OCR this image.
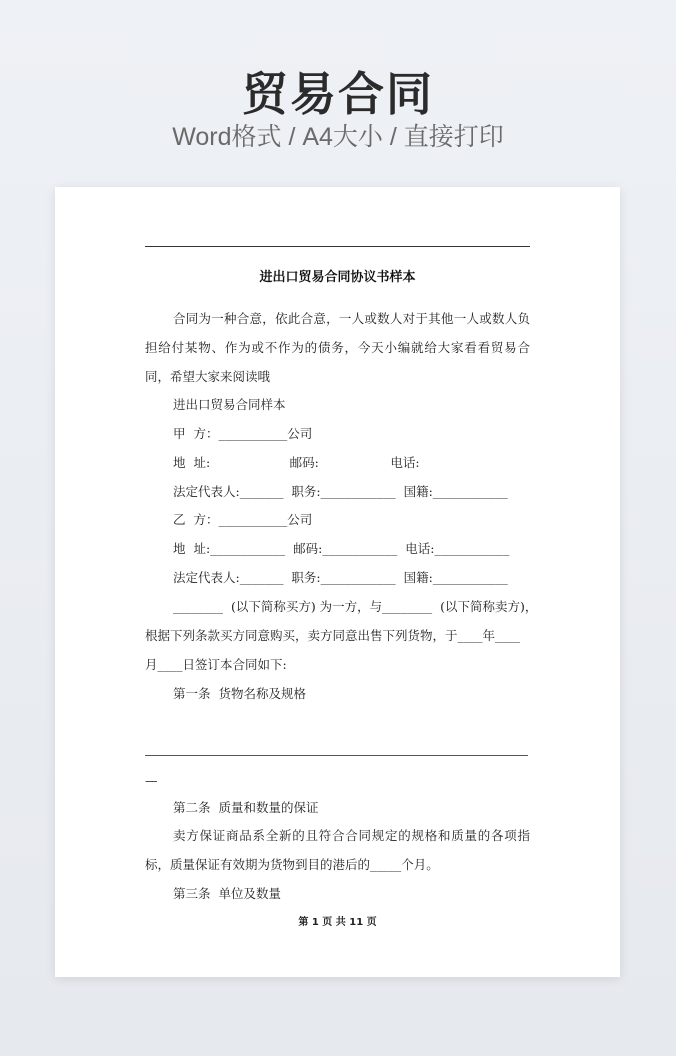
贸易合同
Word格式 / A4大小 / 直接打印
进出口贸易合同协议书样本
合同为一种合意，依此合意，一人或数人对于其他一人或数人负担给付某物、作为或不作为的债务，今天小编就给大家看看贸易合同，希望大家来阅读哦
进出口贸易合同样本
甲  方：___________公司
地  址:                    邮码:                  电话:
法定代表人:_______  职务:____________  国籍:____________
乙  方：___________公司
地  址:____________  邮码:____________  电话:____________
法定代表人:_______  职务:____________  国籍:____________
________  (以下简称买方) 为一方，与________  (以下简称卖方)，
根据下列条款买方同意购买，卖方同意出售下列货物，于____年____
月____日签订本合同如下:
第一条  货物名称及规格
—
第二条  质量和数量的保证
卖方保证商品系全新的且符合合同规定的规格和质量的各项指标，质量保证有效期为货物到目的港后的_____个月。
第三条  单位及数量
第 1 页 共 11 页
